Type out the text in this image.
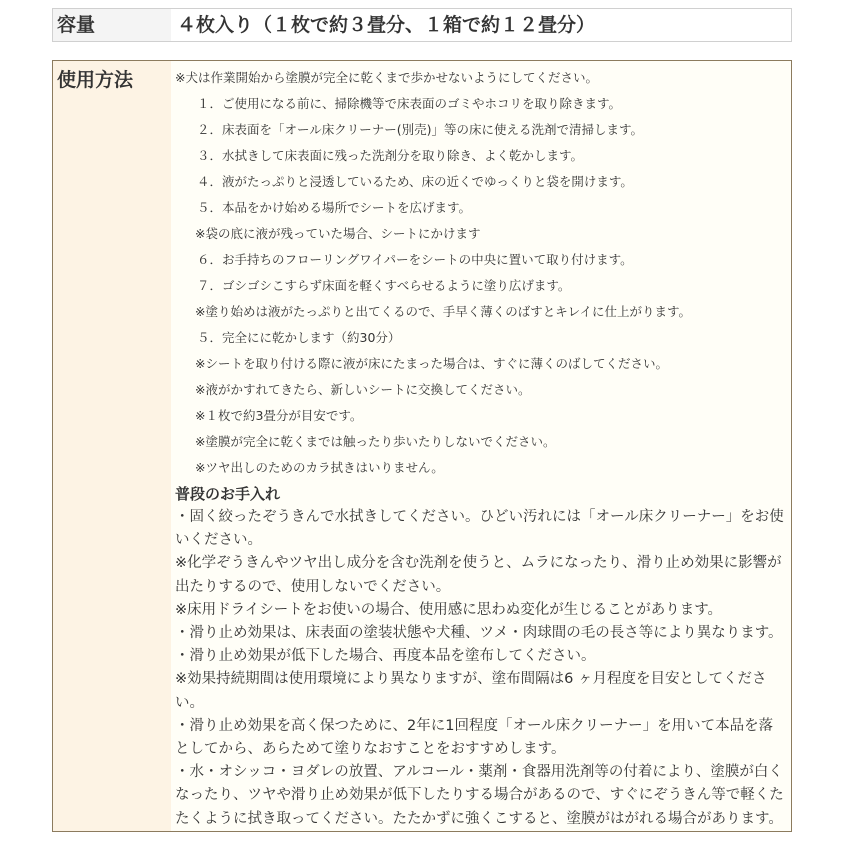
容量	４枚入り（１枚で約３畳分、１箱で約１２畳分）
使用方法	※犬は作業開始から塗膜が完全に乾くまで歩かせないようにしてください。
１．ご使用になる前に、掃除機等で床表面のゴミやホコリを取り除きます。
２．床表面を「オール床クリーナー(別売)」等の床に使える洗剤で清掃します。
３．水拭きして床表面に残った洗剤分を取り除き、よく乾かします。
４．液がたっぷりと浸透しているため、床の近くでゆっくりと袋を開けます。
５．本品をかけ始める場所でシートを広げます。
※袋の底に液が残っていた場合、シートにかけます
６．お手持ちのフローリングワイパーをシートの中央に置いて取り付けます。
７．ゴシゴシこすらず床面を軽くすべらせるように塗り広げます。
※塗り始めは液がたっぷりと出てくるので、手早く薄くのばすとキレイに仕上がります。
５．完全にに乾かします（約30分）
※シートを取り付ける際に液が床にたまった場合は、すぐに薄くのばしてください。
※液がかすれてきたら、新しいシートに交換してください。
※１枚で約3畳分が目安です。
※塗膜が完全に乾くまでは触ったり歩いたりしないでください。
※ツヤ出しのためのカラ拭きはいりません。
普段のお手入れ
・固く絞ったぞうきんで水拭きしてください。ひどい汚れには「オール床クリーナー」をお使いください。
※化学ぞうきんやツヤ出し成分を含む洗剤を使うと、ムラになったり、滑り止め効果に影響が出たりするので、使用しないでください。
※床用ドライシートをお使いの場合、使用感に思わぬ変化が生じることがあります。
・滑り止め効果は、床表面の塗装状態や犬種、ツメ・肉球間の毛の長さ等により異なります。
・滑り止め効果が低下した場合、再度本品を塗布してください。
※効果持続期間は使用環境により異なりますが、塗布間隔は6 ヶ月程度を目安としてください。
・滑り止め効果を高く保つために、2年に1回程度「オール床クリーナー」を用いて本品を落としてから、あらためて塗りなおすことをおすすめします。
・水・オシッコ・ヨダレの放置、アルコール・薬剤・食器用洗剤等の付着により、塗膜が白くなったり、ツヤや滑り止め効果が低下したりする場合があるので、すぐにぞうきん等で軽くたたくように拭き取ってください。たたかずに強くこすると、塗膜がはがれる場合があります。
